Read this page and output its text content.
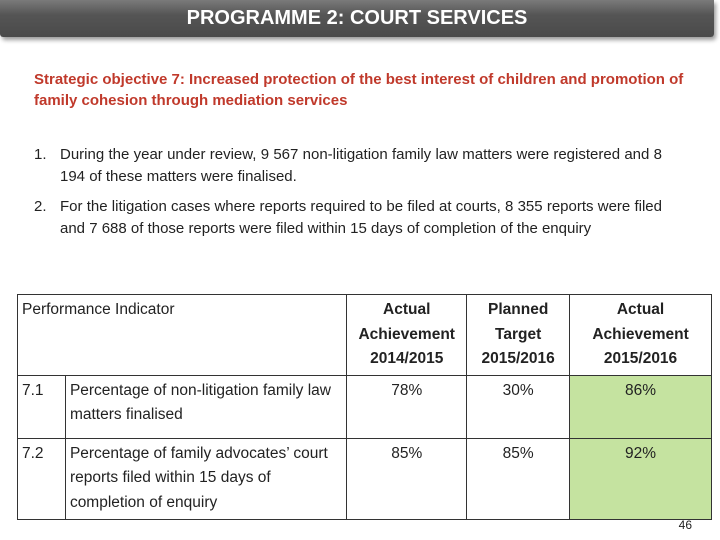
PROGRAMME 2: COURT SERVICES
Strategic objective 7: Increased protection of the best interest of children and promotion of family cohesion through mediation services
1. During the year under review, 9 567 non-litigation family law matters were registered and 8 194 of these matters were finalised.
2. For the litigation cases where reports required to be filed at courts, 8 355 reports were filed and 7 688 of those reports were filed within 15 days of completion of the enquiry
Performance Indicator		Actual Achievement 2014/2015	Planned Target 2015/2016	Actual Achievement 2015/2016
7.1	Percentage of non-litigation family law matters finalised	78%	30%	86%
7.2	Percentage of family advocates’ court reports filed within 15 days of completion of enquiry	85%	85%	92%
46
